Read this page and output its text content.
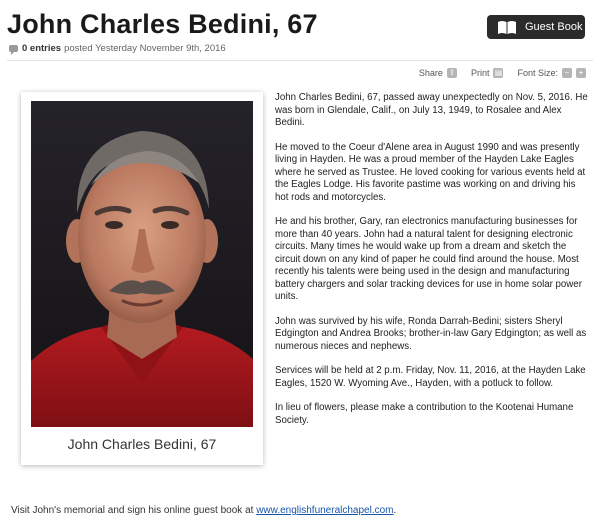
John Charles Bedini, 67
0 entries posted Yesterday November 9th, 2016
Guest Book
Share ⇪ Print ▤ Font Size: −	+
John Charles Bedini, 67

John Charles Bedini, 67, passed away unexpectedly on Nov. 5, 2016. He was born in Glendale, Calif., on July 13, 1949, to Rosalee and Alex Bedini.

He moved to the Coeur d'Alene area in August 1990 and was presently living in Hayden. He was a proud member of the Hayden Lake Eagles where he served as Trustee. He loved cooking for various events held at the Eagles Lodge. His favorite pastime was working on and driving his hot rods and motorcycles.

He and his brother, Gary, ran electronics manufacturing businesses for more than 40 years. John had a natural talent for designing electronic circuits. Many times he would wake up from a dream and sketch the circuit down on any kind of paper he could find around the house. Most recently his talents were being used in the design and manufacturing battery chargers and solar tracking devices for use in home solar power units.

John was survived by his wife, Ronda Darrah-Bedini; sisters Sheryl Edgington and Andrea Brooks; brother-in-law Gary Edgington; as well as numerous nieces and nephews.

Services will be held at 2 p.m. Friday, Nov. 11, 2016, at the Hayden Lake Eagles, 1520 W. Wyoming Ave., Hayden, with a potluck to follow.

In lieu of flowers, please make a contribution to the Kootenai Humane Society.

Visit John's memorial and sign his online guest book at www.englishfuneralchapel.com.
